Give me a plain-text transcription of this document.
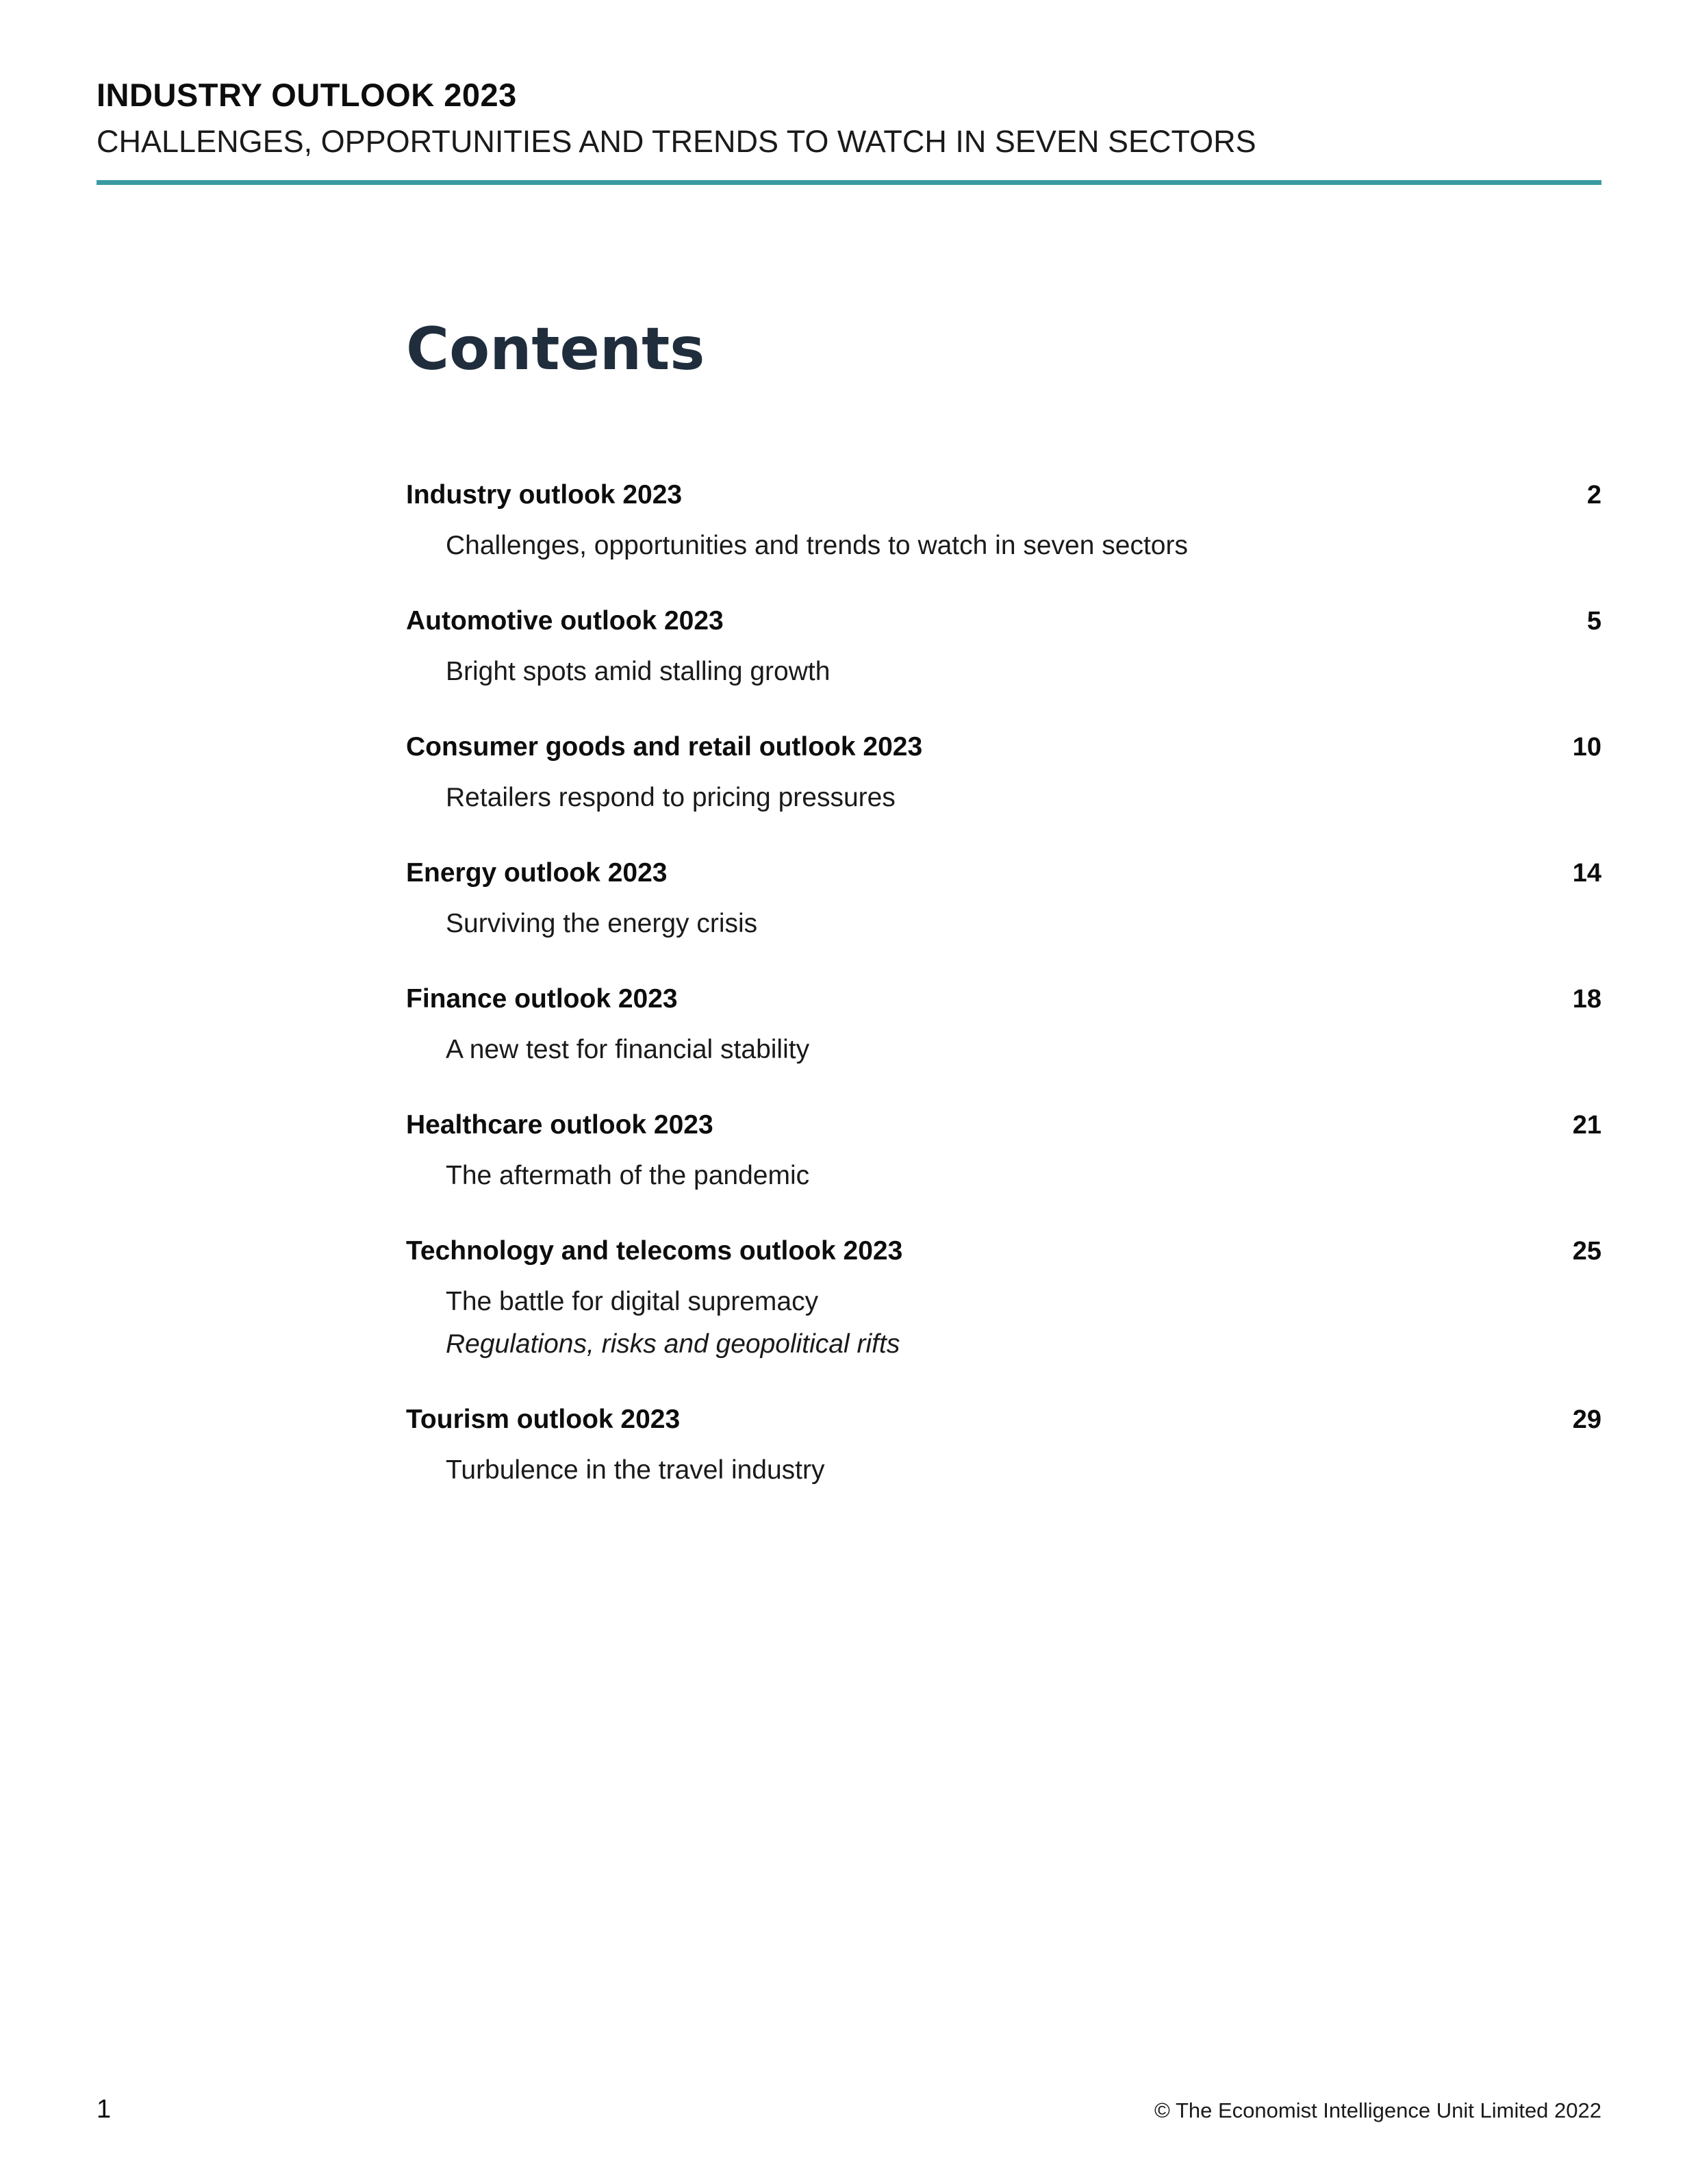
INDUSTRY OUTLOOK 2023
CHALLENGES, OPPORTUNITIES AND TRENDS TO WATCH IN SEVEN SECTORS
Contents
Industry outlook 2023	2
Challenges, opportunities and trends to watch in seven sectors
Automotive outlook 2023	5
Bright spots amid stalling growth
Consumer goods and retail outlook 2023	10
Retailers respond to pricing pressures
Energy outlook 2023	14
Surviving the energy crisis
Finance outlook 2023	18
A new test for financial stability
Healthcare outlook 2023	21
The aftermath of the pandemic
Technology and telecoms outlook 2023	25
The battle for digital supremacy
Regulations, risks and geopolitical rifts
Tourism outlook 2023	29
Turbulence in the travel industry
1	© The Economist Intelligence Unit Limited 2022
